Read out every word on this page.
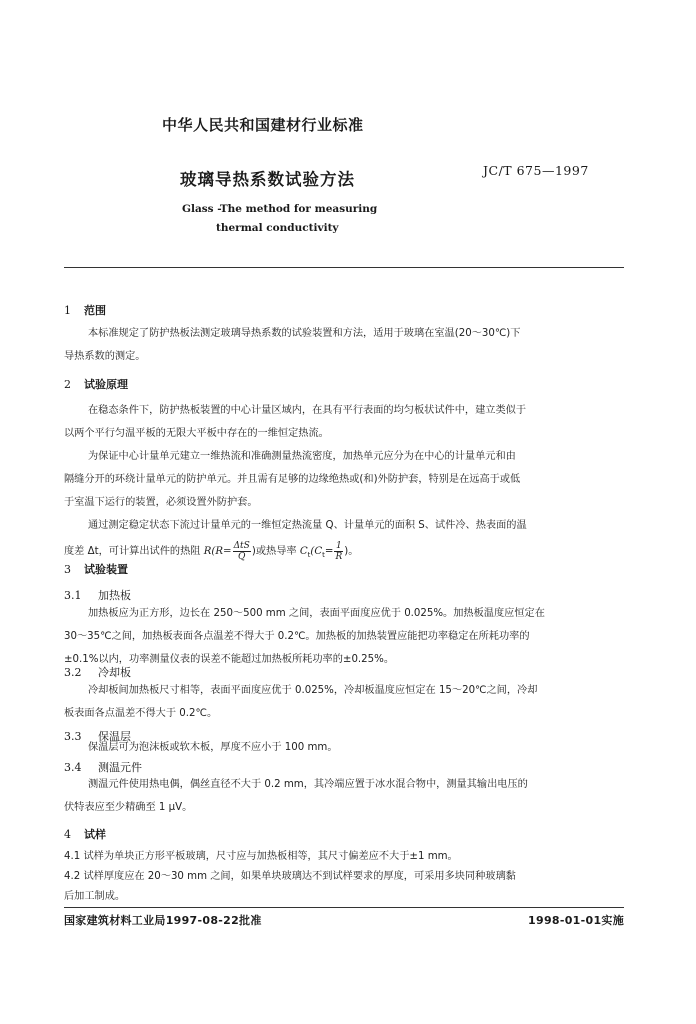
中华人民共和国建材行业标准
玻璃导热系数试验方法	JC/T 675—1997
Glass -The method for measuring
thermal conductivity
1 范围
本标准规定了防护热板法测定玻璃导热系数的试验装置和方法，适用于玻璃在室温(20～30℃)下
导热系数的测定。
2 试验原理
在稳态条件下，防护热板装置的中心计量区域内，在具有平行表面的均匀板状试件中，建立类似于
以两个平行匀温平板的无限大平板中存在的一维恒定热流。
为保证中心计量单元建立一维热流和准确测量热流密度，加热单元应分为在中心的计量单元和由
隔缝分开的环绕计量单元的防护单元。并且需有足够的边缘绝热或(和)外防护套，特别是在远高于或低
于室温下运行的装置，必须设置外防护套。
通过测定稳定状态下流过计量单元的一维恒定热流量 Q、计量单元的面积 S、试件冷、热表面的温
度差 Δt，可计算出试件的热阻 $R(R= \frac{\text{ΔtS}}{Q}$ )或热导率 $C_t(C_t= \frac{1}{R}$ )。
3 试验装置
3.1 加热板
加热板应为正方形，边长在 250～500 mm 之间，表面平面度应优于 0.025%。加热板温度应恒定在
30～35℃之间，加热板表面各点温差不得大于 0.2℃。加热板的加热装置应能把功率稳定在所耗功率的
±0.1%以内，功率测量仪表的误差不能超过加热板所耗功率的±0.25%。
3.2 冷却板
冷却板间加热板尺寸相等，表面平面度应优于 0.025%，冷却板温度应恒定在 15～20℃之间，冷却
板表面各点温差不得大于 0.2℃。
3.3 保温层
保温层可为泡沫板或软木板，厚度不应小于 100 mm。
3.4 测温元件
测温元件使用热电偶，偶丝直径不大于 0.2 mm，其冷端应置于冰水混合物中，测量其输出电压的
伏特表应至少精确至 1 μV。
4 试样
4.1 试样为单块正方形平板玻璃，尺寸应与加热板相等，其尺寸偏差应不大于±1 mm。
4.2 试样厚度应在 20～30 mm 之间，如果单块玻璃达不到试样要求的厚度，可采用多块同种玻璃黏
后加工制成。
国家建筑材料工业局1997-08-22批准	1998-01-01实施
